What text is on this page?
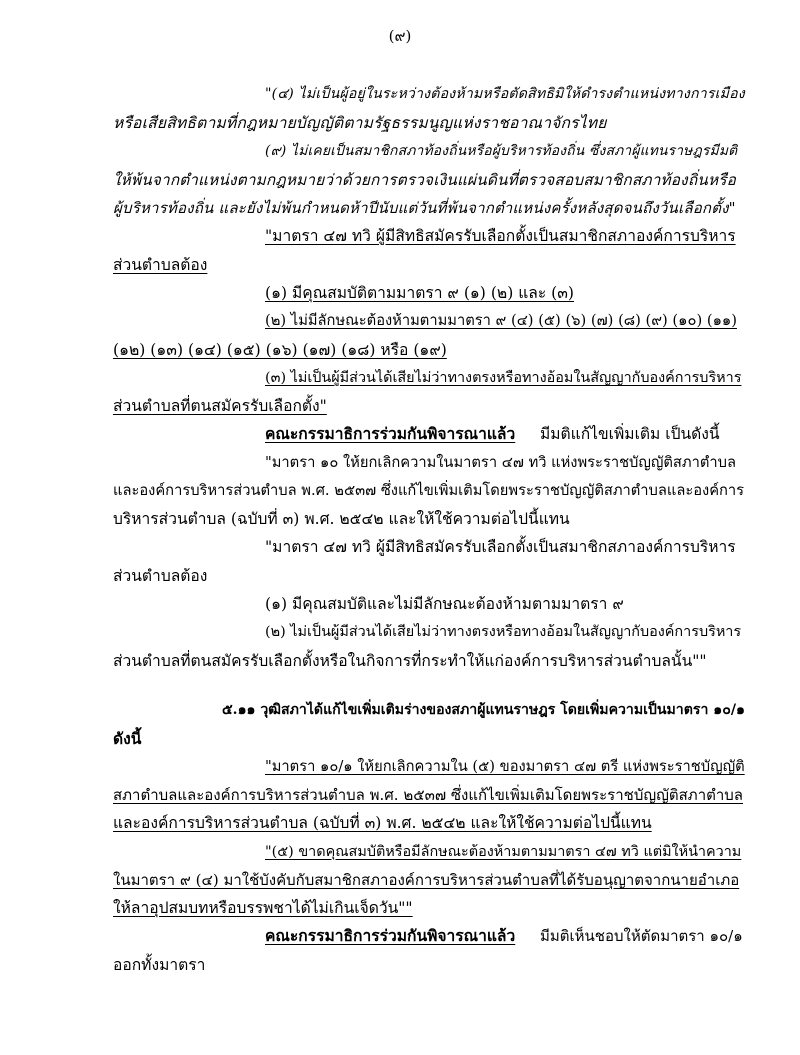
(๙)
"(๔) ไม่เป็นผู้อยู่ในระหว่างต้องห้ามหรือตัดสิทธิมิให้ดำรงตำแหน่งทางการเมือง
หรือเสียสิทธิตามที่กฎหมายบัญญัติตามรัฐธรรมนูญแห่งราชอาณาจักรไทย
(๙) ไม่เคยเป็นสมาชิกสภาท้องถิ่นหรือผู้บริหารท้องถิ่น ซึ่งสภาผู้แทนราษฎรมีมติ
ให้พ้นจากตำแหน่งตามกฎหมายว่าด้วยการตรวจเงินแผ่นดินที่ตรวจสอบสมาชิกสภาท้องถิ่นหรือ
ผู้บริหารท้องถิ่น และยังไม่พ้นกำหนดห้าปีนับแต่วันที่พ้นจากตำแหน่งครั้งหลังสุดจนถึงวันเลือกตั้ง"
"มาตรา ๔๗ ทวิ ผู้มีสิทธิสมัครรับเลือกตั้งเป็นสมาชิกสภาองค์การบริหาร
ส่วนตำบลต้อง
(๑) มีคุณสมบัติตามมาตรา ๙ (๑) (๒) และ (๓)
(๒) ไม่มีลักษณะต้องห้ามตามมาตรา ๙ (๔) (๕) (๖) (๗) (๘) (๙) (๑๐) (๑๑)
(๑๒) (๑๓) (๑๔) (๑๕) (๑๖) (๑๗) (๑๘) หรือ (๑๙)
(๓) ไม่เป็นผู้มีส่วนได้เสียไม่ว่าทางตรงหรือทางอ้อมในสัญญากับองค์การบริหาร
ส่วนตำบลที่ตนสมัครรับเลือกตั้ง"
คณะกรรมาธิการร่วมกันพิจารณาแล้ว มีมติแก้ไขเพิ่มเติม เป็นดังนี้
"มาตรา ๑๐ ให้ยกเลิกความในมาตรา ๔๗ ทวิ แห่งพระราชบัญญัติสภาตำบล
และองค์การบริหารส่วนตำบล พ.ศ. ๒๕๓๗ ซึ่งแก้ไขเพิ่มเติมโดยพระราชบัญญัติสภาตำบลและองค์การ
บริหารส่วนตำบล (ฉบับที่ ๓) พ.ศ. ๒๕๔๒ และให้ใช้ความต่อไปนี้แทน
"มาตรา ๔๗ ทวิ ผู้มีสิทธิสมัครรับเลือกตั้งเป็นสมาชิกสภาองค์การบริหาร
ส่วนตำบลต้อง
(๑) มีคุณสมบัติและไม่มีลักษณะต้องห้ามตามมาตรา ๙
(๒) ไม่เป็นผู้มีส่วนได้เสียไม่ว่าทางตรงหรือทางอ้อมในสัญญากับองค์การบริหาร
ส่วนตำบลที่ตนสมัครรับเลือกตั้งหรือในกิจการที่กระทำให้แก่องค์การบริหารส่วนตำบลนั้น""
๕.๑๑ วุฒิสภาได้แก้ไขเพิ่มเติมร่างของสภาผู้แทนราษฎร โดยเพิ่มความเป็นมาตรา ๑๐/๑
ดังนี้
"มาตรา ๑๐/๑ ให้ยกเลิกความใน (๕) ของมาตรา ๔๗ ตรี แห่งพระราชบัญญัติ
สภาตำบลและองค์การบริหารส่วนตำบล พ.ศ. ๒๕๓๗ ซึ่งแก้ไขเพิ่มเติมโดยพระราชบัญญัติสภาตำบล
และองค์การบริหารส่วนตำบล (ฉบับที่ ๓) พ.ศ. ๒๕๔๒ และให้ใช้ความต่อไปนี้แทน
"(๕) ขาดคุณสมบัติหรือมีลักษณะต้องห้ามตามมาตรา ๔๗ ทวิ แต่มิให้นำความ
ในมาตรา ๙ (๔) มาใช้บังคับกับสมาชิกสภาองค์การบริหารส่วนตำบลที่ได้รับอนุญาตจากนายอำเภอ
ให้ลาอุปสมบทหรือบรรพชาได้ไม่เกินเจ็ดวัน""
คณะกรรมาธิการร่วมกันพิจารณาแล้ว มีมติเห็นชอบให้ตัดมาตรา ๑๐/๑
ออกทั้งมาตรา
